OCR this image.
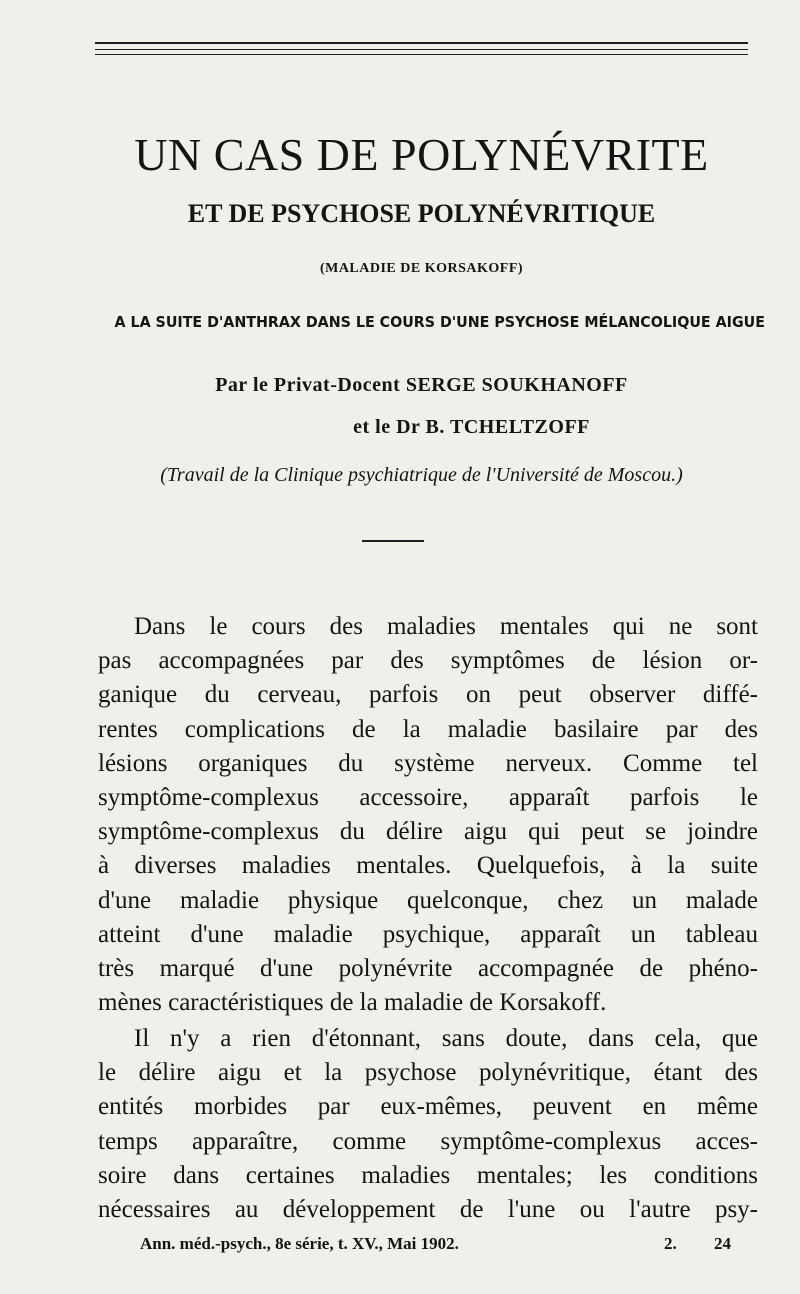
UN CAS DE POLYNÉVRITE
ET DE PSYCHOSE POLYNÉVRITIQUE
(MALADIE DE KORSAKOFF)
A LA SUITE D'ANTHRAX DANS LE COURS D'UNE PSYCHOSE MÉLANCOLIQUE AIGUE
Par le Privat-Docent SERGE SOUKHANOFF
et le Dr B. TCHELTZOFF
(Travail de la Clinique psychiatrique de l'Université de Moscou.)
Dans le cours des maladies mentales qui ne sont
pas accompagnées par des symptômes de lésion or-
ganique du cerveau, parfois on peut observer diffé-
rentes complications de la maladie basilaire par des
lésions organiques du système nerveux. Comme tel
symptôme-complexus accessoire, apparaît parfois le
symptôme-complexus du délire aigu qui peut se joindre
à diverses maladies mentales. Quelquefois, à la suite
d'une maladie physique quelconque, chez un malade
atteint d'une maladie psychique, apparaît un tableau
très marqué d'une polynévrite accompagnée de phéno-
mènes caractéristiques de la maladie de Korsakoff.
Il n'y a rien d'étonnant, sans doute, dans cela, que
le délire aigu et la psychose polynévritique, étant des
entités morbides par eux-mêmes, peuvent en même
temps apparaître, comme symptôme-complexus acces-
soire dans certaines maladies mentales; les conditions
nécessaires au développement de l'une ou l'autre psy-
Ann. méd.-psych., 8e série, t. XV., Mai 1902.	2. 24
